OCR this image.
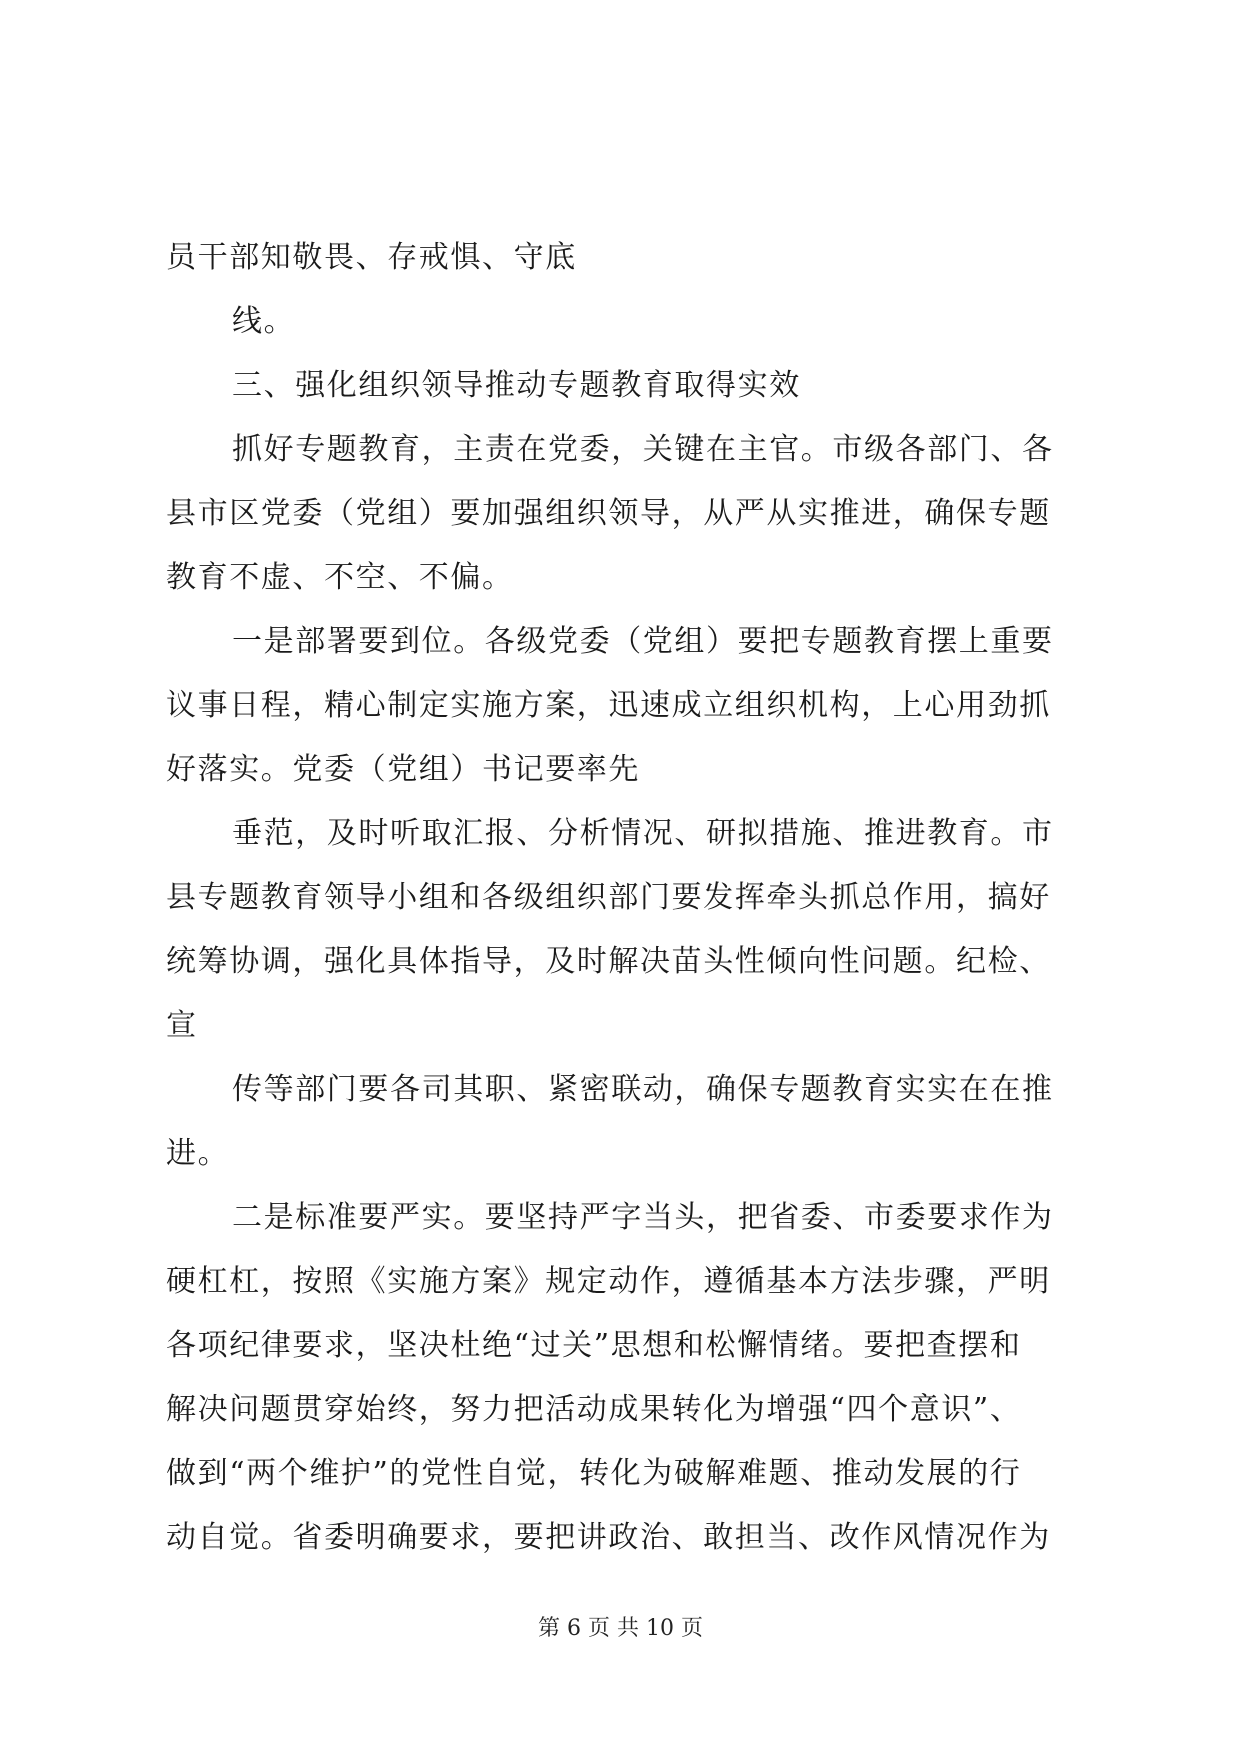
员干部知敬畏、存戒惧、守底
线。
三、强化组织领导推动专题教育取得实效
抓好专题教育，主责在党委，关键在主官。市级各部门、各
县市区党委（党组）要加强组织领导，从严从实推进，确保专题
教育不虚、不空、不偏。
一是部署要到位。各级党委（党组）要把专题教育摆上重要
议事日程，精心制定实施方案，迅速成立组织机构，上心用劲抓
好落实。党委（党组）书记要率先
垂范，及时听取汇报、分析情况、研拟措施、推进教育。市
县专题教育领导小组和各级组织部门要发挥牵头抓总作用，搞好
统筹协调，强化具体指导，及时解决苗头性倾向性问题。纪检、
宣
传等部门要各司其职、紧密联动，确保专题教育实实在在推
进。
二是标准要严实。要坚持严字当头，把省委、市委要求作为
硬杠杠，按照《实施方案》规定动作，遵循基本方法步骤，严明
各项纪律要求，坚决杜绝“过关”思想和松懈情绪。要把查摆和
解决问题贯穿始终，努力把活动成果转化为增强“四个意识”、
做到“两个维护”的党性自觉，转化为破解难题、推动发展的行
动自觉。省委明确要求，要把讲政治、敢担当、改作风情况作为
第 6 页 共 10 页
